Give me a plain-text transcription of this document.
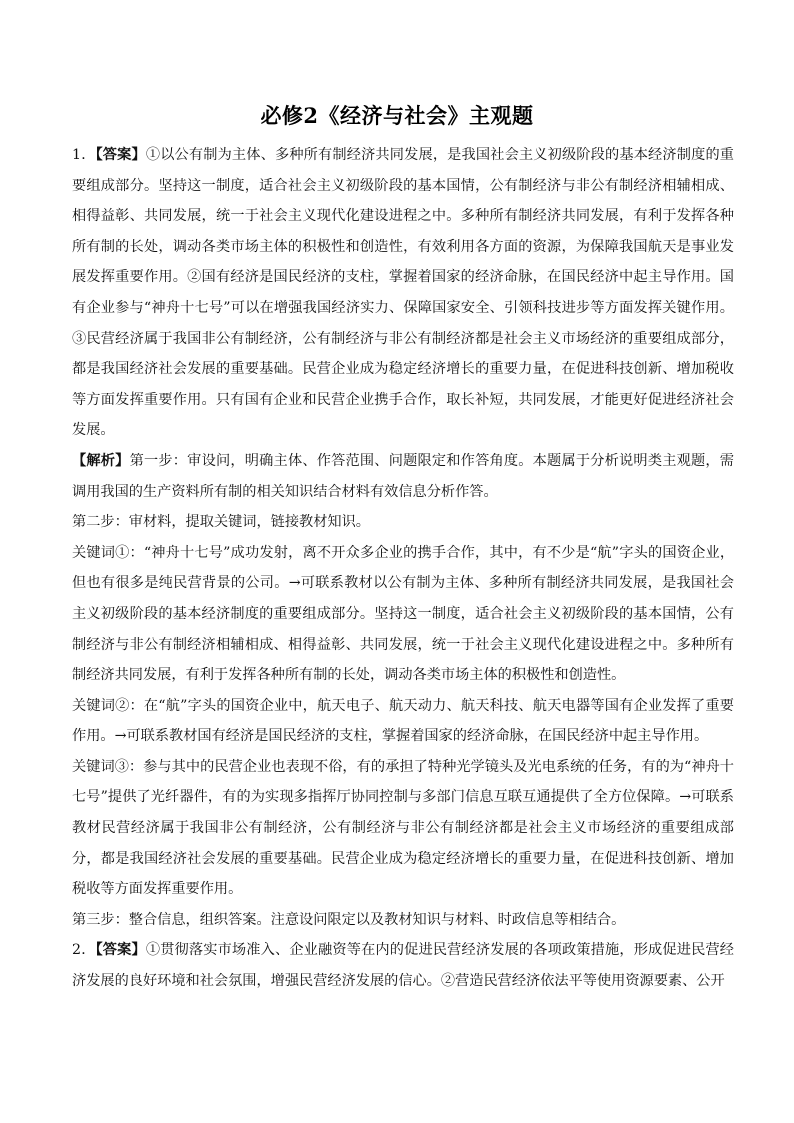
必修2《经济与社会》主观题

1．【答案】①以公有制为主体、多种所有制经济共同发展，是我国社会主义初级阶段的基本经济制度的重要组成部分。坚持这一制度，适合社会主义初级阶段的基本国情，公有制经济与非公有制经济相辅相成、相得益彰、共同发展，统一于社会主义现代化建设进程之中。多种所有制经济共同发展，有利于发挥各种所有制的长处，调动各类市场主体的积极性和创造性，有效利用各方面的资源，为保障我国航天是事业发展发挥重要作用。②国有经济是国民经济的支柱，掌握着国家的经济命脉，在国民经济中起主导作用。国有企业参与“神舟十七号”可以在增强我国经济实力、保障国家安全、引领科技进步等方面发挥关键作用。③民营经济属于我国非公有制经济，公有制经济与非公有制经济都是社会主义市场经济的重要组成部分，都是我国经济社会发展的重要基础。民营企业成为稳定经济增长的重要力量，在促进科技创新、增加税收等方面发挥重要作用。只有国有企业和民营企业携手合作，取长补短，共同发展，才能更好促进经济社会发展。

【解析】第一步：审设问，明确主体、作答范围、问题限定和作答角度。本题属于分析说明类主观题，需调用我国的生产资料所有制的相关知识结合材料有效信息分析作答。

第二步：审材料，提取关键词，链接教材知识。

关键词①：“神舟十七号”成功发射，离不开众多企业的携手合作，其中，有不少是“航”字头的国资企业，但也有很多是纯民营背景的公司。→可联系教材以公有制为主体、多种所有制经济共同发展，是我国社会主义初级阶段的基本经济制度的重要组成部分。坚持这一制度，适合社会主义初级阶段的基本国情，公有制经济与非公有制经济相辅相成、相得益彰、共同发展，统一于社会主义现代化建设进程之中。多种所有制经济共同发展，有利于发挥各种所有制的长处，调动各类市场主体的积极性和创造性。

关键词②：在“航”字头的国资企业中，航天电子、航天动力、航天科技、航天电器等国有企业发挥了重要作用。→可联系教材国有经济是国民经济的支柱，掌握着国家的经济命脉，在国民经济中起主导作用。

关键词③：参与其中的民营企业也表现不俗，有的承担了特种光学镜头及光电系统的任务，有的为“神舟十七号”提供了光纤器件，有的为实现多指挥厅协同控制与多部门信息互联互通提供了全方位保障。→可联系教材民营经济属于我国非公有制经济，公有制经济与非公有制经济都是社会主义市场经济的重要组成部分，都是我国经济社会发展的重要基础。民营企业成为稳定经济增长的重要力量，在促进科技创新、增加税收等方面发挥重要作用。

第三步：整合信息，组织答案。注意设问限定以及教材知识与材料、时政信息等相结合。

2．【答案】①贯彻落实市场准入、企业融资等在内的促进民营经济发展的各项政策措施，形成促进民营经济发展的良好环境和社会氛围，增强民营经济发展的信心。②营造民营经济依法平等使用资源要素、公开
